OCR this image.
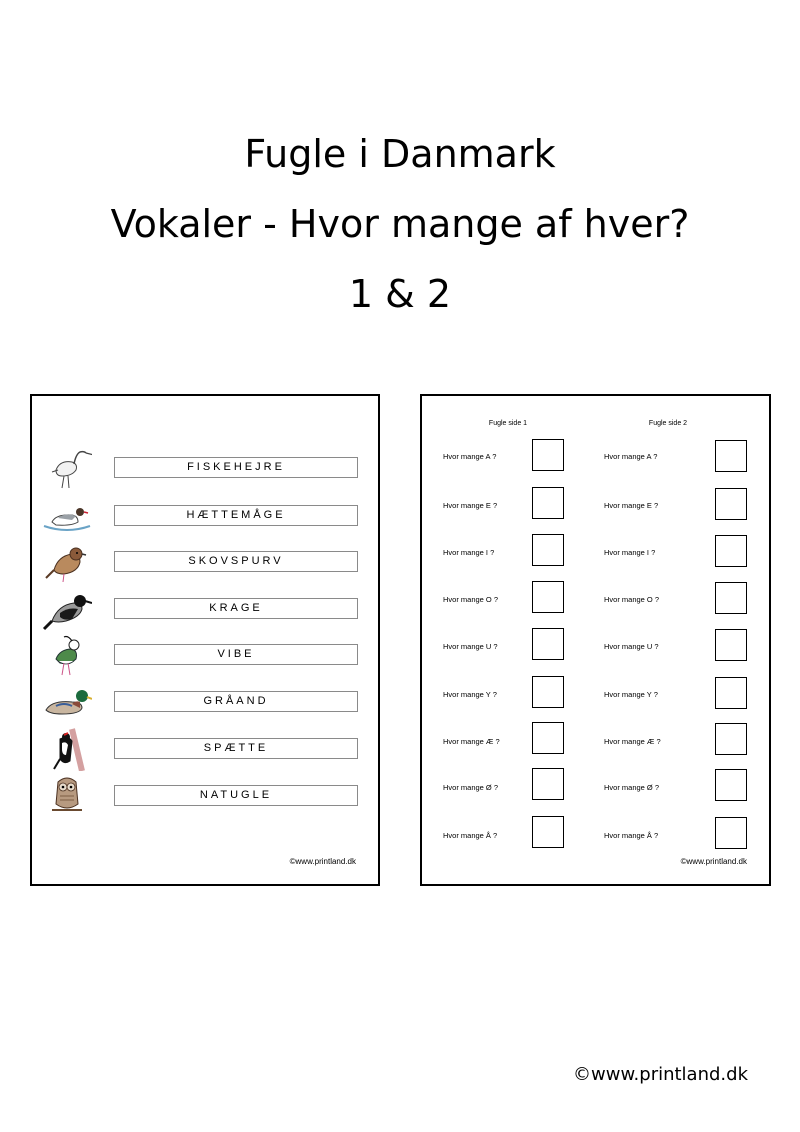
Fugle i Danmark
Vokaler - Hvor mange af hver?
1 & 2
FISKEHEJRE
HÆTTEMÅGE
SKOVSPURV
KRAGE
VIBE
GRÅAND
SPÆTTE
NATUGLE
©www.printland.dk
Fugle side 1	Fugle side 2
Hvor mange A ?	Hvor mange A ?
Hvor mange E ?	Hvor mange E ?
Hvor mange I ?	Hvor mange I ?
Hvor mange O ?	Hvor mange O ?
Hvor mange U ?	Hvor mange U ?
Hvor mange Y ?	Hvor mange Y ?
Hvor mange Æ ?	Hvor mange Æ ?
Hvor mange Ø ?	Hvor mange Ø ?
Hvor mange Å ?	Hvor mange Å ?
©www.printland.dk
©www.printland.dk
